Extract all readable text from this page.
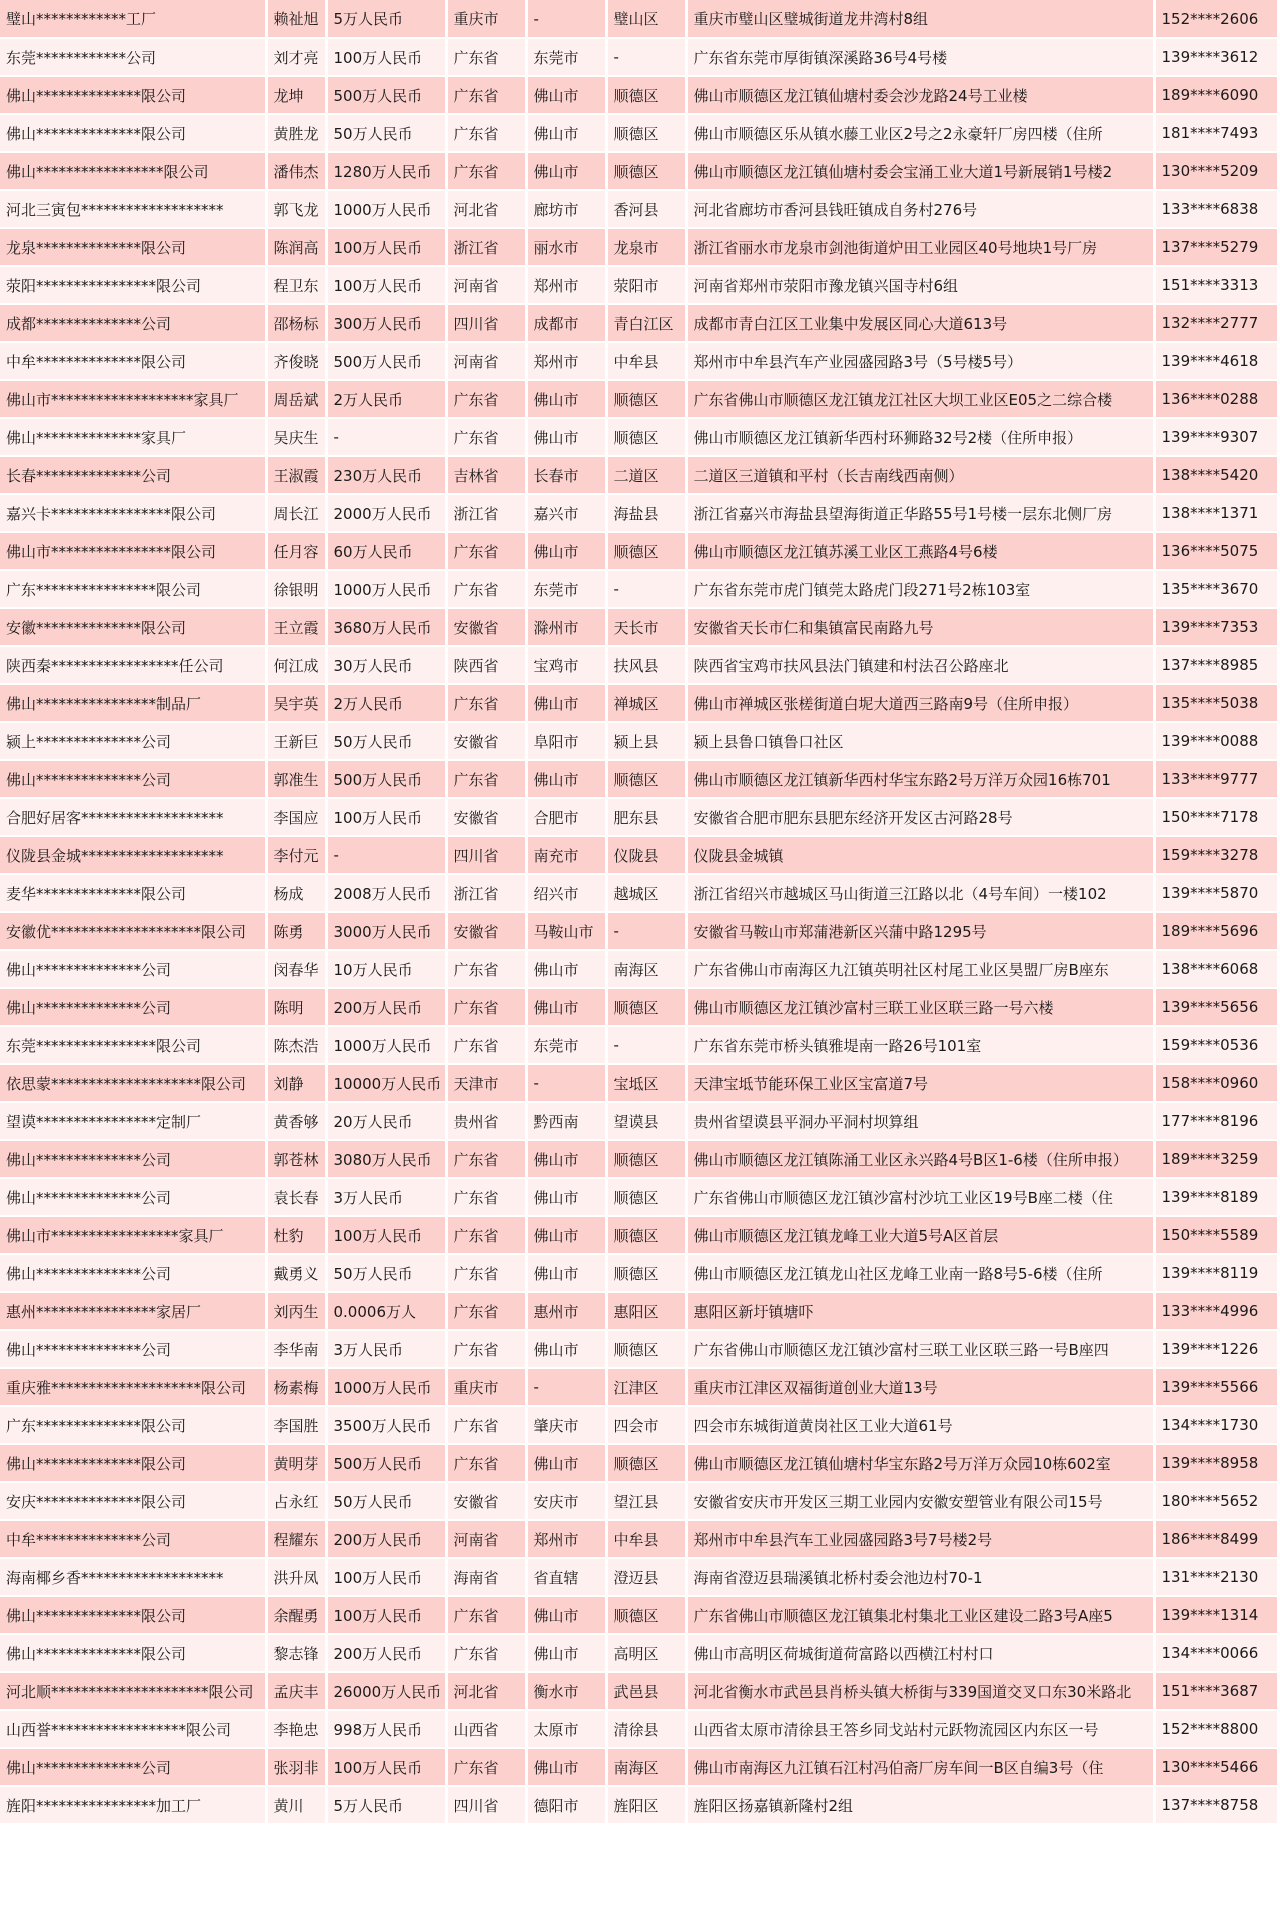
璧山************工厂	赖祉旭	5万人民币	重庆市	-	璧山区	重庆市璧山区璧城街道龙井湾村8组	152****2606
东莞************公司	刘才亮	100万人民币	广东省	东莞市	-	广东省东莞市厚街镇深溪路36号4号楼	139****3612
佛山**************限公司	龙坤	500万人民币	广东省	佛山市	顺德区	佛山市顺德区龙江镇仙塘村委会沙龙路24号工业楼	189****6090
佛山**************限公司	黄胜龙	50万人民币	广东省	佛山市	顺德区	佛山市顺德区乐从镇水藤工业区2号之2永豪轩厂房四楼（住所	181****7493
佛山*****************限公司	潘伟杰	1280万人民币	广东省	佛山市	顺德区	佛山市顺德区龙江镇仙塘村委会宝涌工业大道1号新展销1号楼2	130****5209
河北三寅包*******************	郭飞龙	1000万人民币	河北省	廊坊市	香河县	河北省廊坊市香河县钱旺镇成自务村276号	133****6838
龙泉**************限公司	陈润高	100万人民币	浙江省	丽水市	龙泉市	浙江省丽水市龙泉市剑池街道炉田工业园区40号地块1号厂房	137****5279
荥阳****************限公司	程卫东	100万人民币	河南省	郑州市	荥阳市	河南省郑州市荥阳市豫龙镇兴国寺村6组	151****3313
成都**************公司	邵杨标	300万人民币	四川省	成都市	青白江区	成都市青白江区工业集中发展区同心大道613号	132****2777
中牟**************限公司	齐俊晓	500万人民币	河南省	郑州市	中牟县	郑州市中牟县汽车产业园盛园路3号（5号楼5号）	139****4618
佛山市*******************家具厂	周岳斌	2万人民币	广东省	佛山市	顺德区	广东省佛山市顺德区龙江镇龙江社区大坝工业区E05之二综合楼	136****0288
佛山**************家具厂	吴庆生	-	广东省	佛山市	顺德区	佛山市顺德区龙江镇新华西村环狮路32号2楼（住所申报）	139****9307
长春**************公司	王淑霞	230万人民币	吉林省	长春市	二道区	二道区三道镇和平村（长吉南线西南侧）	138****5420
嘉兴卡****************限公司	周长江	2000万人民币	浙江省	嘉兴市	海盐县	浙江省嘉兴市海盐县望海街道正华路55号1号楼一层东北侧厂房	138****1371
佛山市****************限公司	任月容	60万人民币	广东省	佛山市	顺德区	佛山市顺德区龙江镇苏溪工业区工燕路4号6楼	136****5075
广东****************限公司	徐银明	1000万人民币	广东省	东莞市	-	广东省东莞市虎门镇莞太路虎门段271号2栋103室	135****3670
安徽**************限公司	王立霞	3680万人民币	安徽省	滁州市	天长市	安徽省天长市仁和集镇富民南路九号	139****7353
陕西秦*****************任公司	何江成	30万人民币	陕西省	宝鸡市	扶风县	陕西省宝鸡市扶风县法门镇建和村法召公路座北	137****8985
佛山****************制品厂	吴宇英	2万人民币	广东省	佛山市	禅城区	佛山市禅城区张槎街道白坭大道西三路南9号（住所申报）	135****5038
颍上**************公司	王新巨	50万人民币	安徽省	阜阳市	颍上县	颍上县鲁口镇鲁口社区	139****0088
佛山**************公司	郭准生	500万人民币	广东省	佛山市	顺德区	佛山市顺德区龙江镇新华西村华宝东路2号万洋万众园16栋701	133****9777
合肥好居客*******************	李国应	100万人民币	安徽省	合肥市	肥东县	安徽省合肥市肥东县肥东经济开发区古河路28号	150****7178
仪陇县金城*******************	李付元	-	四川省	南充市	仪陇县	仪陇县金城镇	159****3278
麦华**************限公司	杨成	2008万人民币	浙江省	绍兴市	越城区	浙江省绍兴市越城区马山街道三江路以北（4号车间）一楼102	139****5870
安徽优********************限公司	陈勇	3000万人民币	安徽省	马鞍山市	-	安徽省马鞍山市郑蒲港新区兴蒲中路1295号	189****5696
佛山**************公司	闵春华	10万人民币	广东省	佛山市	南海区	广东省佛山市南海区九江镇英明社区村尾工业区昊盟厂房B座东	138****6068
佛山**************公司	陈明	200万人民币	广东省	佛山市	顺德区	佛山市顺德区龙江镇沙富村三联工业区联三路一号六楼	139****5656
东莞****************限公司	陈杰浩	1000万人民币	广东省	东莞市	-	广东省东莞市桥头镇雅堤南一路26号101室	159****0536
依思蒙********************限公司	刘静	10000万人民币	天津市	-	宝坻区	天津宝坻节能环保工业区宝富道7号	158****0960
望谟****************定制厂	黄香够	20万人民币	贵州省	黔西南	望谟县	贵州省望谟县平洞办平洞村坝算组	177****8196
佛山**************公司	郭苍林	3080万人民币	广东省	佛山市	顺德区	佛山市顺德区龙江镇陈涌工业区永兴路4号B区1-6楼（住所申报）	189****3259
佛山**************公司	袁长春	3万人民币	广东省	佛山市	顺德区	广东省佛山市顺德区龙江镇沙富村沙坑工业区19号B座二楼（住	139****8189
佛山市*****************家具厂	杜豹	100万人民币	广东省	佛山市	顺德区	佛山市顺德区龙江镇龙峰工业大道5号A区首层	150****5589
佛山**************公司	戴勇义	50万人民币	广东省	佛山市	顺德区	佛山市顺德区龙江镇龙山社区龙峰工业南一路8号5-6楼（住所	139****8119
惠州****************家居厂	刘丙生	0.0006万人	广东省	惠州市	惠阳区	惠阳区新圩镇塘吓	133****4996
佛山**************公司	李华南	3万人民币	广东省	佛山市	顺德区	广东省佛山市顺德区龙江镇沙富村三联工业区联三路一号B座四	139****1226
重庆雅********************限公司	杨素梅	1000万人民币	重庆市	-	江津区	重庆市江津区双福街道创业大道13号	139****5566
广东**************限公司	李国胜	3500万人民币	广东省	肇庆市	四会市	四会市东城街道黄岗社区工业大道61号	134****1730
佛山**************限公司	黄明芽	500万人民币	广东省	佛山市	顺德区	佛山市顺德区龙江镇仙塘村华宝东路2号万洋万众园10栋602室	139****8958
安庆**************限公司	占永红	50万人民币	安徽省	安庆市	望江县	安徽省安庆市开发区三期工业园内安徽安塑管业有限公司15号	180****5652
中牟**************公司	程耀东	200万人民币	河南省	郑州市	中牟县	郑州市中牟县汽车工业园盛园路3号7号楼2号	186****8499
海南椰乡香*******************	洪升凤	100万人民币	海南省	省直辖	澄迈县	海南省澄迈县瑞溪镇北桥村委会池边村70-1	131****2130
佛山**************限公司	余醒勇	100万人民币	广东省	佛山市	顺德区	广东省佛山市顺德区龙江镇集北村集北工业区建设二路3号A座5	139****1314
佛山**************限公司	黎志锋	200万人民币	广东省	佛山市	高明区	佛山市高明区荷城街道荷富路以西横江村村口	134****0066
河北顺*********************限公司	孟庆丰	26000万人民币	河北省	衡水市	武邑县	河北省衡水市武邑县肖桥头镇大桥街与339国道交叉口东30米路北	151****3687
山西誉******************限公司	李艳忠	998万人民币	山西省	太原市	清徐县	山西省太原市清徐县王答乡同戈站村元跃物流园区内东区一号	152****8800
佛山**************公司	张羽非	100万人民币	广东省	佛山市	南海区	佛山市南海区九江镇石江村冯伯斋厂房车间一B区自编3号（住	130****5466
旌阳****************加工厂	黄川	5万人民币	四川省	德阳市	旌阳区	旌阳区扬嘉镇新隆村2组	137****8758
